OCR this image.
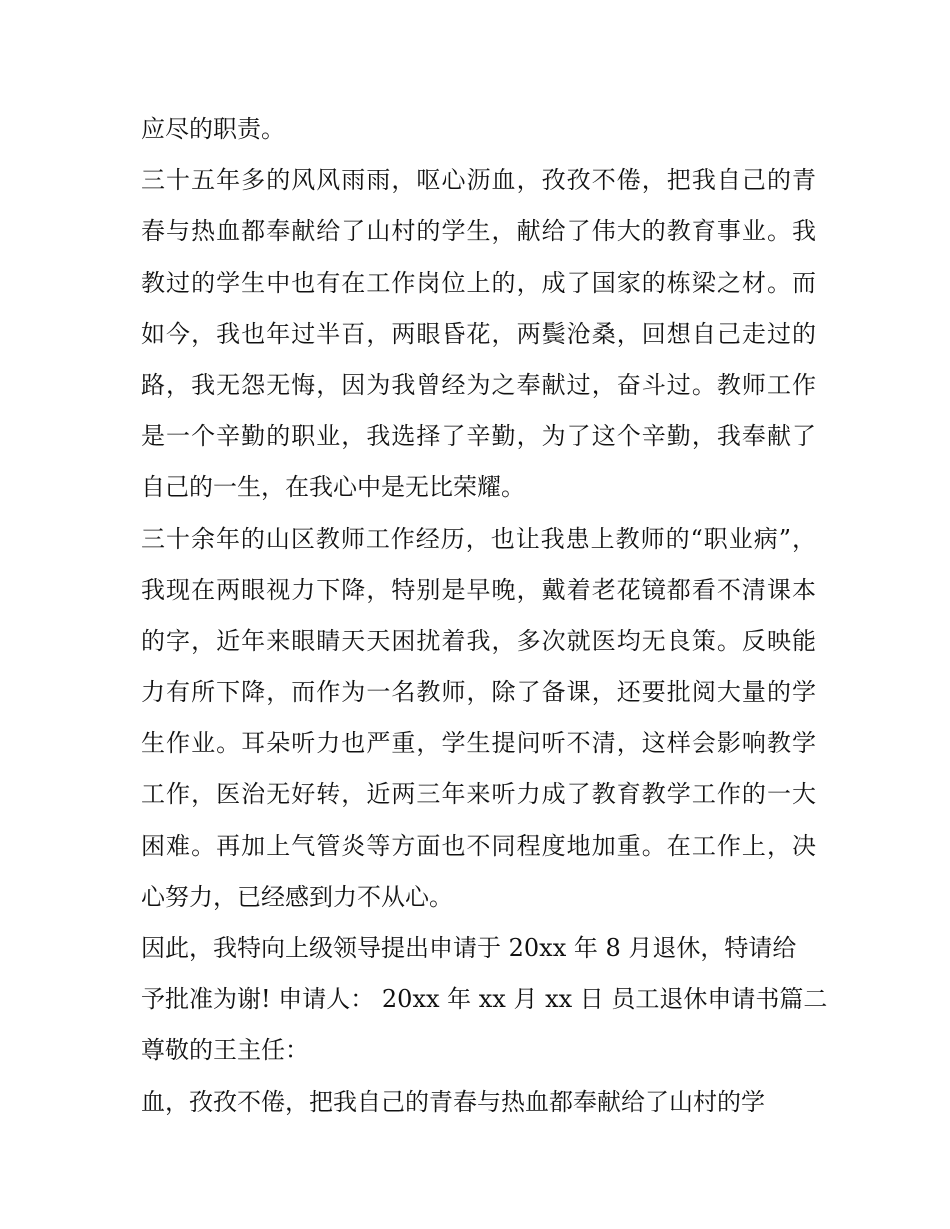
应尽的职责。
三十五年多的风风雨雨，呕心沥血，孜孜不倦，把我自己的青
春与热血都奉献给了山村的学生，献给了伟大的教育事业。我
教过的学生中也有在工作岗位上的，成了国家的栋梁之材。而
如今，我也年过半百，两眼昏花，两鬓沧桑，回想自己走过的
路，我无怨无悔，因为我曾经为之奉献过，奋斗过。教师工作
是一个辛勤的职业，我选择了辛勤，为了这个辛勤，我奉献了
自己的一生，在我心中是无比荣耀。
三十余年的山区教师工作经历，也让我患上教师的“职业病”，
我现在两眼视力下降，特别是早晚，戴着老花镜都看不清课本
的字，近年来眼睛天天困扰着我，多次就医均无良策。反映能
力有所下降，而作为一名教师，除了备课，还要批阅大量的学
生作业。耳朵听力也严重，学生提问听不清，这样会影响教学
工作，医治无好转，近两三年来听力成了教育教学工作的一大
困难。再加上气管炎等方面也不同程度地加重。在工作上，决
心努力，已经感到力不从心。
因此，我特向上级领导提出申请于 20xx 年 8 月退休，特请给
予批准为谢! 申请人： 20xx 年 xx 月 xx 日 员工退休申请书篇二
尊敬的王主任：
血，孜孜不倦，把我自己的青春与热血都奉献给了山村的学
